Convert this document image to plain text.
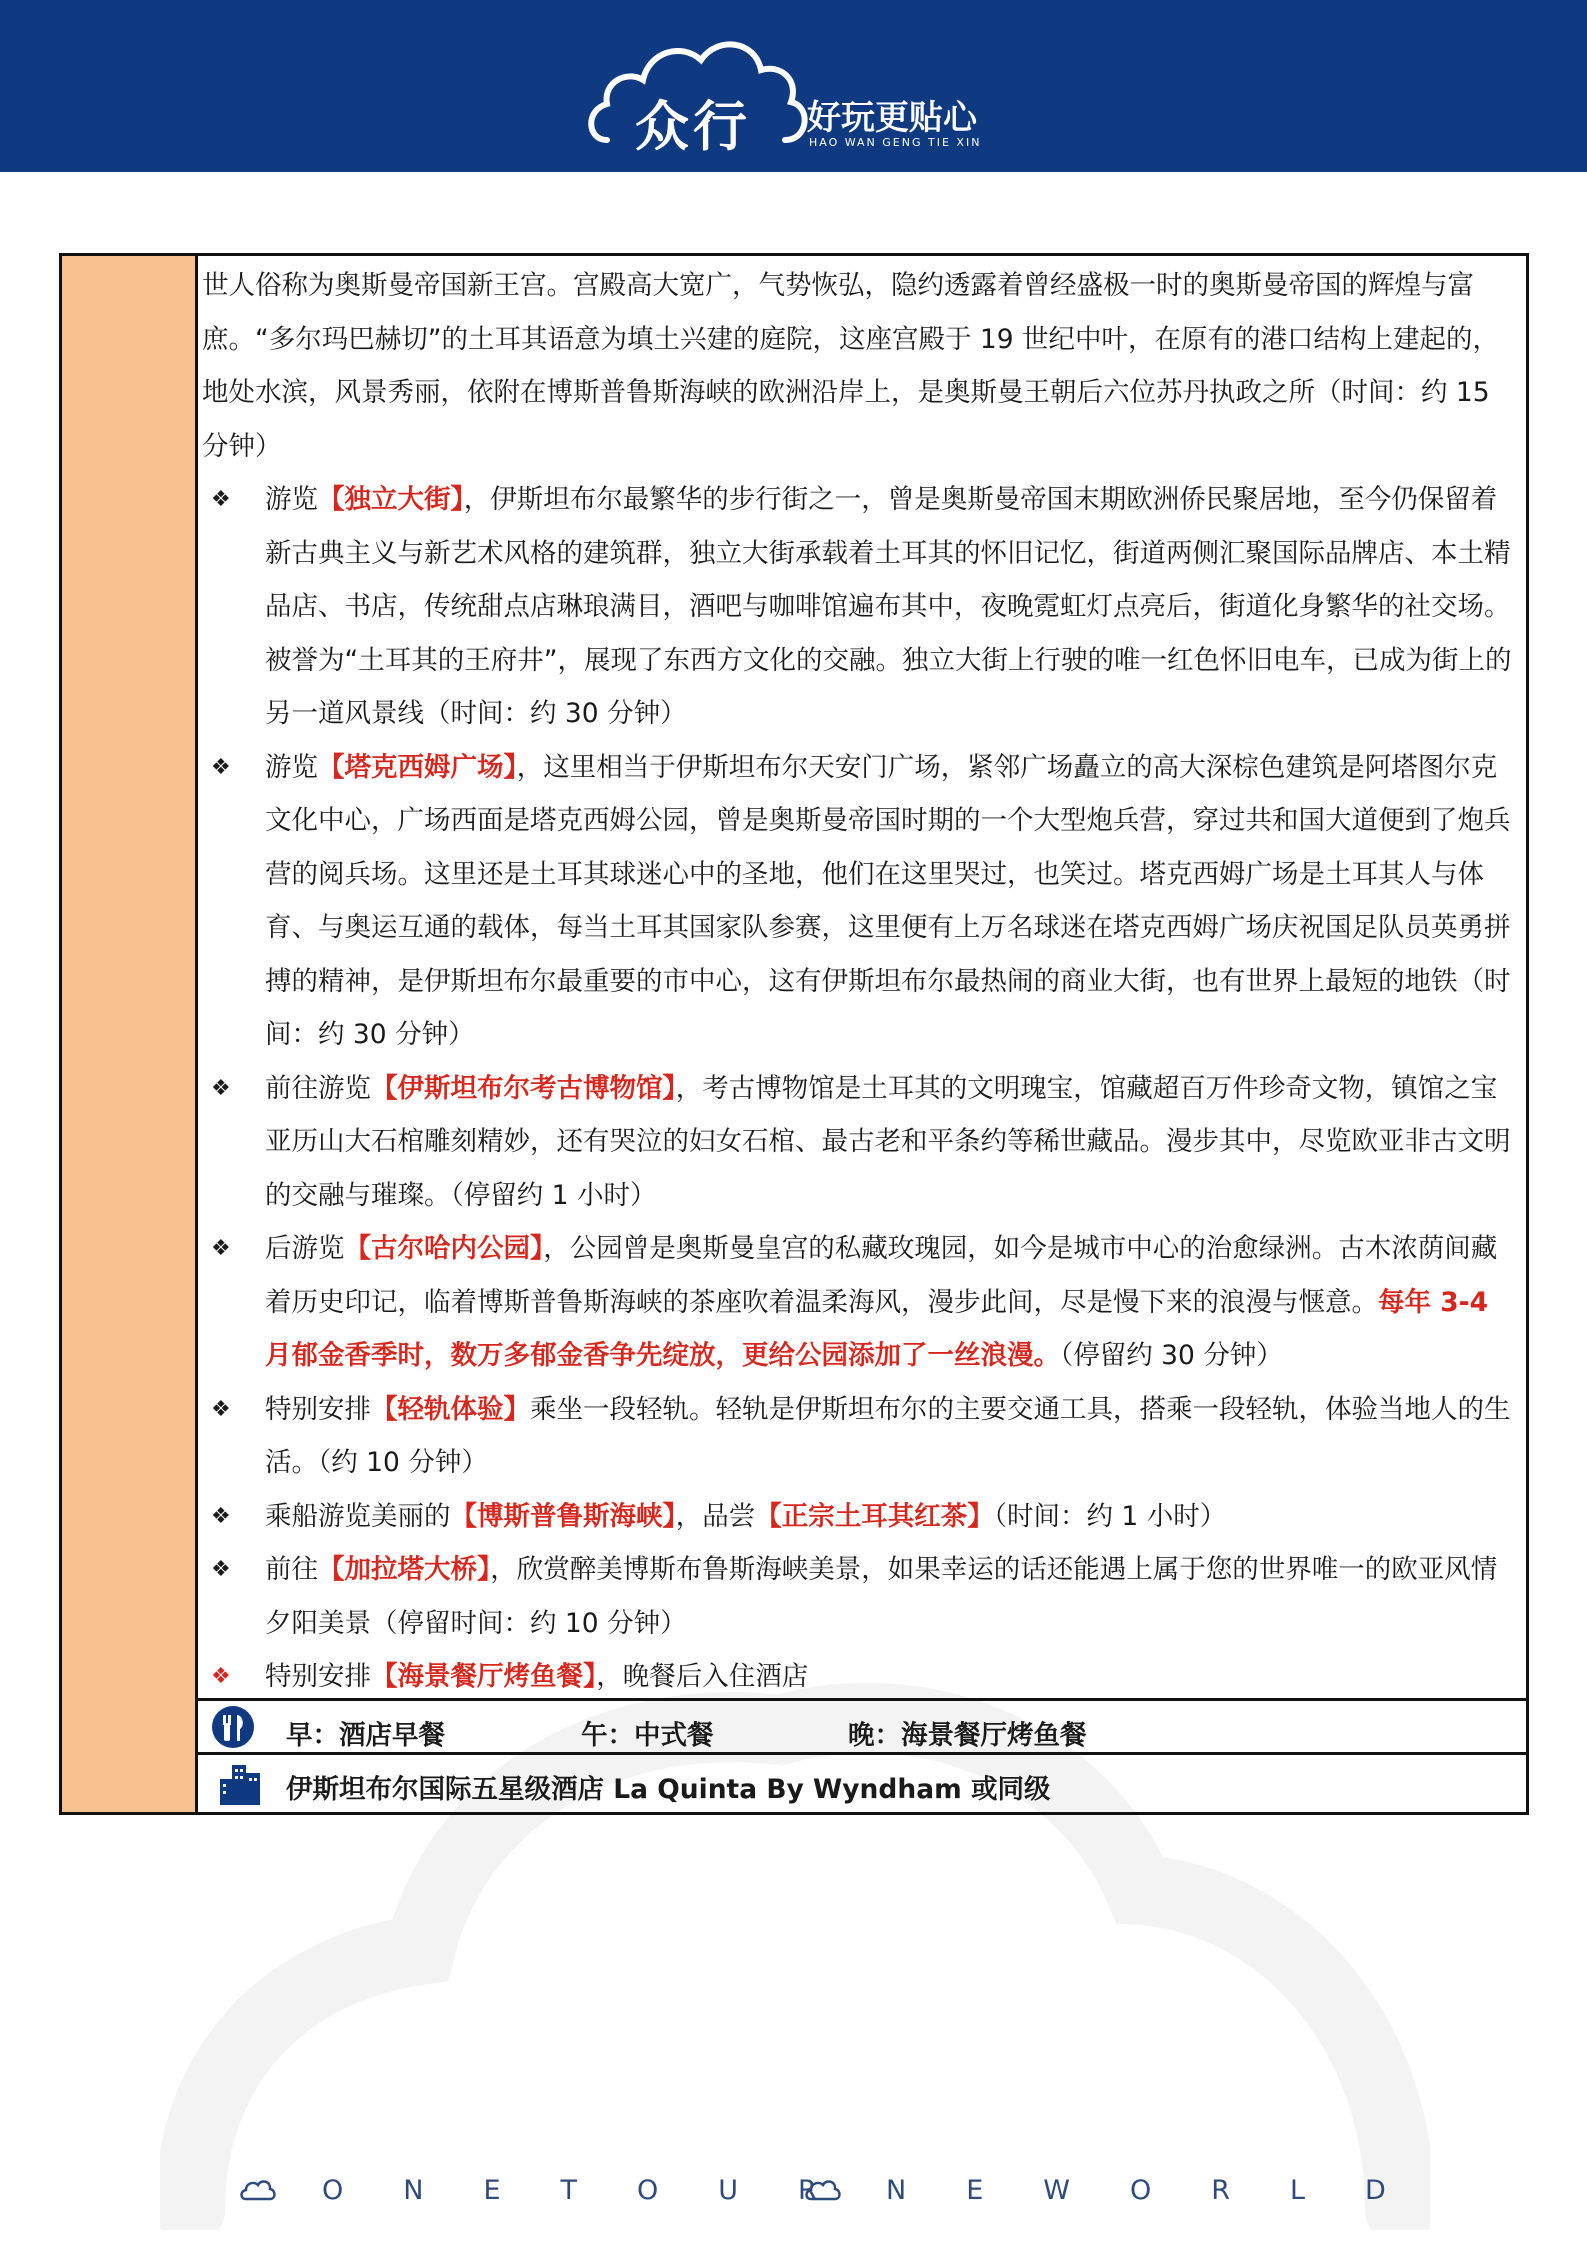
众行 好玩更贴心
HAO WAN GENG TIE XIN

世人俗称为奥斯曼帝国新王宫。宫殿高大宽广，气势恢弘，隐约透露着曾经盛极一时的奥斯曼帝国的辉煌与富庶。“多尔玛巴赫切”的土耳其语意为填土兴建的庭院，这座宫殿于 19 世纪中叶，在原有的港口结构上建起的，地处水滨，风景秀丽，依附在博斯普鲁斯海峡的欧洲沿岸上，是奥斯曼王朝后六位苏丹执政之所（时间：约 15 分钟）

❖ 游览【独立大街】，伊斯坦布尔最繁华的步行街之一，曾是奥斯曼帝国末期欧洲侨民聚居地，至今仍保留着新古典主义与新艺术风格的建筑群，独立大街承载着土耳其的怀旧记忆，街道两侧汇聚国际品牌店、本土精品店、书店，传统甜点店琳琅满目，酒吧与咖啡馆遍布其中，夜晚霓虹灯点亮后，街道化身繁华的社交场。被誉为“土耳其的王府井”，展现了东西方文化的交融。独立大街上行驶的唯一红色怀旧电车，已成为街上的另一道风景线（时间：约 30 分钟）

❖ 游览【塔克西姆广场】，这里相当于伊斯坦布尔天安门广场，紧邻广场矗立的高大深棕色建筑是阿塔图尔克文化中心，广场西面是塔克西姆公园，曾是奥斯曼帝国时期的一个大型炮兵营，穿过共和国大道便到了炮兵营的阅兵场。这里还是土耳其球迷心中的圣地，他们在这里哭过，也笑过。塔克西姆广场是土耳其人与体育、与奥运互通的载体，每当土耳其国家队参赛，这里便有上万名球迷在塔克西姆广场庆祝国足队员英勇拼搏的精神，是伊斯坦布尔最重要的市中心，这有伊斯坦布尔最热闹的商业大街，也有世界上最短的地铁（时间：约 30 分钟）

❖ 前往游览【伊斯坦布尔考古博物馆】，考古博物馆是土耳其的文明瑰宝，馆藏超百万件珍奇文物，镇馆之宝亚历山大石棺雕刻精妙，还有哭泣的妇女石棺、最古老和平条约等稀世藏品。漫步其中，尽览欧亚非古文明的交融与璀璨。（停留约 1 小时）

❖ 后游览【古尔哈内公园】，公园曾是奥斯曼皇宫的私藏玫瑰园，如今是城市中心的治愈绿洲。古木浓荫间藏着历史印记，临着博斯普鲁斯海峡的茶座吹着温柔海风，漫步此间，尽是慢下来的浪漫与惬意。每年 3-4 月郁金香季时，数万多郁金香争先绽放，更给公园添加了一丝浪漫。（停留约 30 分钟）

❖ 特别安排【轻轨体验】乘坐一段轻轨。轻轨是伊斯坦布尔的主要交通工具，搭乘一段轻轨，体验当地人的生活。（约 10 分钟）

❖ 乘船游览美丽的【博斯普鲁斯海峡】，品尝【正宗土耳其红茶】（时间：约 1 小时）

❖ 前往【加拉塔大桥】，欣赏醉美博斯布鲁斯海峡美景，如果幸运的话还能遇上属于您的世界唯一的欧亚风情夕阳美景（停留时间：约 10 分钟）

❖ 特别安排【海景餐厅烤鱼餐】，晚餐后入住酒店

早：酒店早餐	午：中式餐	晚：海景餐厅烤鱼餐
伊斯坦布尔国际五星级酒店 La Quinta By Wyndham 或同级
ONETOUR NEWORLD
